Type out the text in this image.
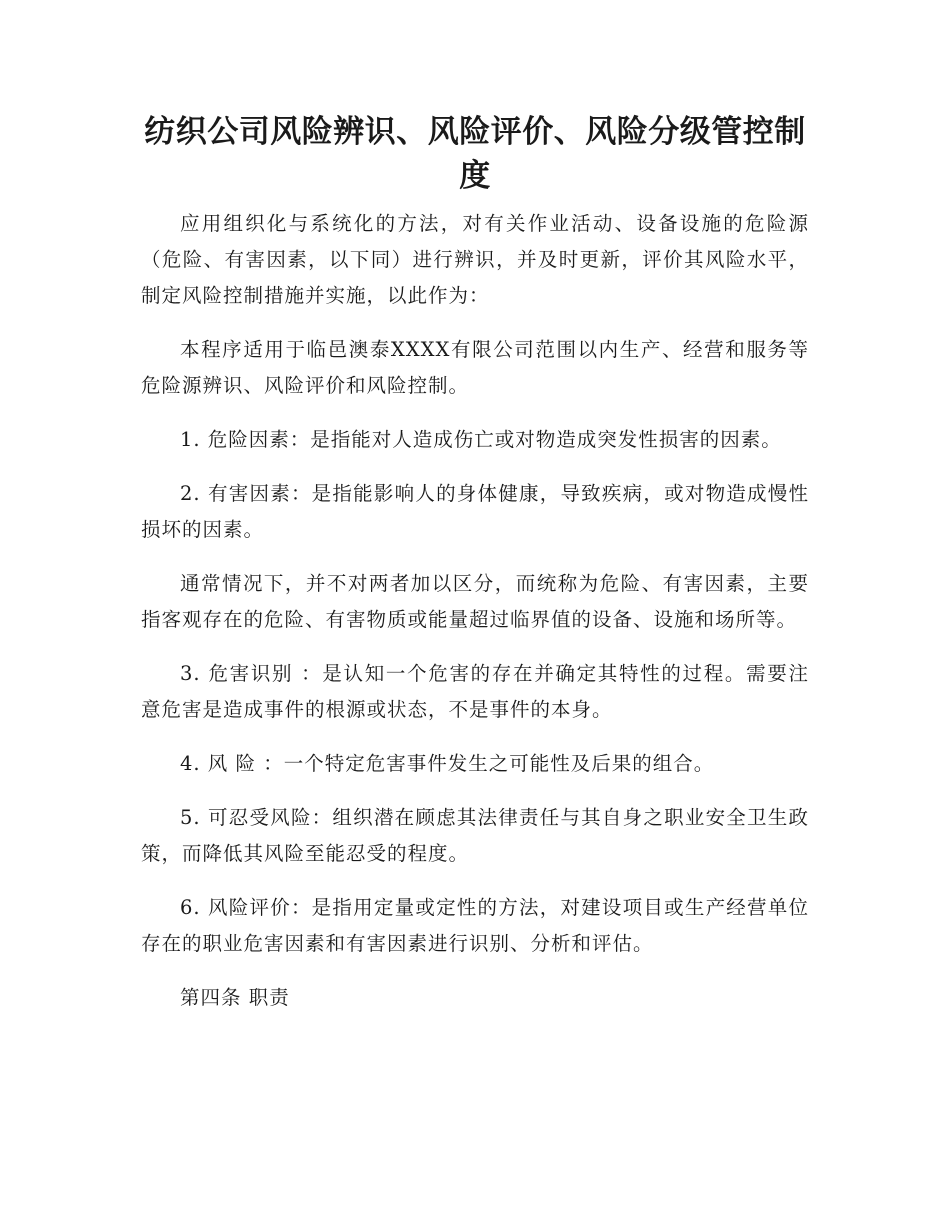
纺织公司风险辨识、风险评价、风险分级管控制度

应用组织化与系统化的方法，对有关作业活动、设备设施的危险源（危险、有害因素，以下同）进行辨识，并及时更新，评价其风险水平，制定风险控制措施并实施，以此作为：

本程序适用于临邑澳泰XXXX有限公司范围以内生产、经营和服务等危险源辨识、风险评价和风险控制。

1. 危险因素：是指能对人造成伤亡或对物造成突发性损害的因素。

2. 有害因素：是指能影响人的身体健康，导致疾病，或对物造成慢性损坏的因素。

通常情况下，并不对两者加以区分，而统称为危险、有害因素，主要指客观存在的危险、有害物质或能量超过临界值的设备、设施和场所等。

3. 危害识别 ：是认知一个危害的存在并确定其特性的过程。需要注意危害是造成事件的根源或状态，不是事件的本身。

4. 风 险 ：一个特定危害事件发生之可能性及后果的组合。

5. 可忍受风险：组织潜在顾虑其法律责任与其自身之职业安全卫生政策，而降低其风险至能忍受的程度。

6. 风险评价：是指用定量或定性的方法，对建设项目或生产经营单位存在的职业危害因素和有害因素进行识别、分析和评估。

第四条 职责
